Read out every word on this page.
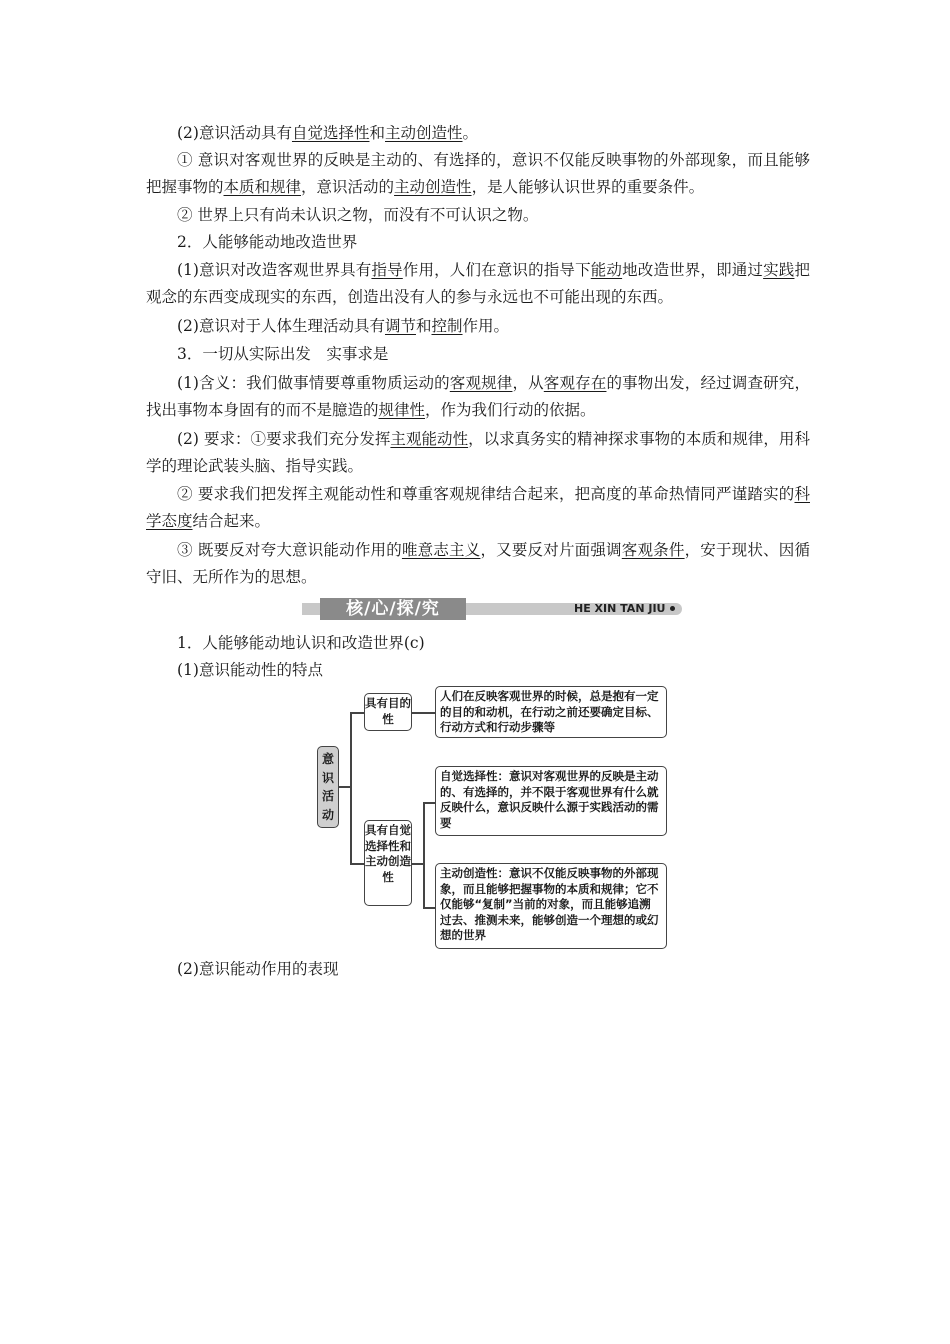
(2)意识活动具有自觉选择性和主动创造性。

① 意识对客观世界的反映是主动的、有选择的，意识不仅能反映事物的外部现象，而且能够把握事物的本质和规律，意识活动的主动创造性，是人能够认识世界的重要条件。

② 世界上只有尚未认识之物，而没有不可认识之物。

2．人能够能动地改造世界

(1)意识对改造客观世界具有指导作用，人们在意识的指导下能动地改造世界，即通过实践把观念的东西变成现实的东西，创造出没有人的参与永远也不可能出现的东西。

(2)意识对于人体生理活动具有调节和控制作用。

3．一切从实际出发　实事求是

(1)含义：我们做事情要尊重物质运动的客观规律，从客观存在的事物出发，经过调查研究，找出事物本身固有的而不是臆造的规律性，作为我们行动的依据。

(2) 要求：①要求我们充分发挥主观能动性，以求真务实的精神探求事物的本质和规律，用科学的理论武装头脑、指导实践。

② 要求我们把发挥主观能动性和尊重客观规律结合起来，把高度的革命热情同严谨踏实的科学态度结合起来。

③ 既要反对夸大意识能动作用的唯意志主义，又要反对片面强调客观条件，安于现状、因循守旧、无所作为的思想。

核/心/探/究	HE XIN TAN JIU

1．人能够能动地认识和改造世界(c)

(1)意识能动性的特点

意识活动
具有目的性
人们在反映客观世界的时候，总是抱有一定的目的和动机，在行动之前还要确定目标、行动方式和行动步骤等
具有自觉选择性和主动创造性
自觉选择性：意识对客观世界的反映是主动的、有选择的，并不限于客观世界有什么就反映什么，意识反映什么源于实践活动的需要
主动创造性：意识不仅能反映事物的外部现象，而且能够把握事物的本质和规律；它不仅能够“复制”当前的对象，而且能够追溯过去、推测未来，能够创造一个理想的或幻想的世界

(2)意识能动作用的表现
